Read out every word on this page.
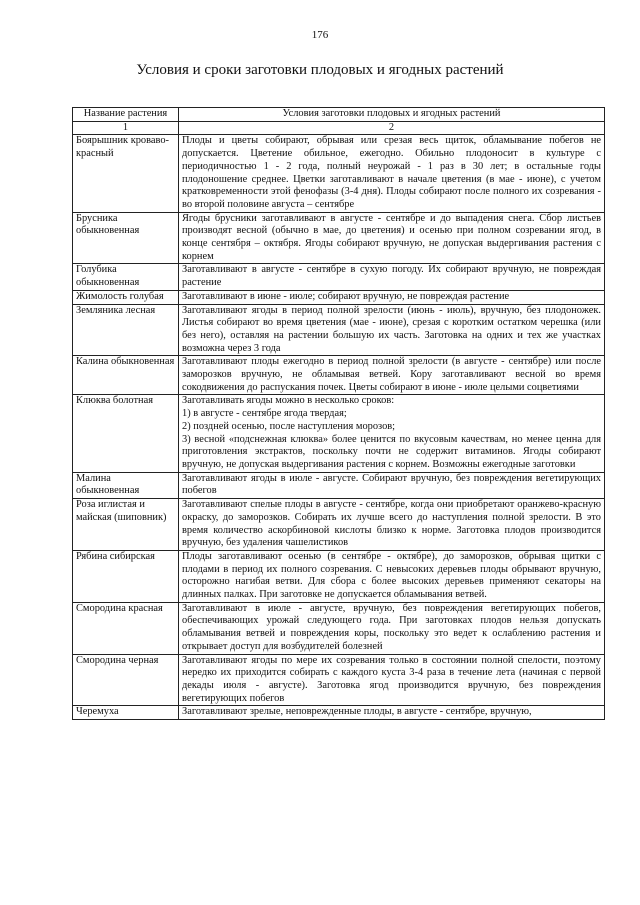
176
Условия и сроки заготовки плодовых и ягодных растений
Название растения	Условия заготовки плодовых и ягодных растений
1	2
Боярышник кроваво-красный	Плоды и цветы собирают, обрывая или срезая весь щиток, обламывание побегов не допускается. Цветение обильное, ежегодно. Обильно плодоносит в культуре с периодичностью 1 - 2 года, полный неурожай - 1 раз в 30 лет; в остальные годы плодоношение среднее. Цветки заготавливают в начале цветения (в мае - июне), с учетом кратковременности этой фенофазы (3-4 дня). Плоды собирают после полного их созревания - во второй половине августа – сентябре

Брусника обыкновенная	Ягоды брусники заготавливают в августе - сентябре и до выпадения снега. Сбор листьев производят весной (обычно в мае, до цветения) и осенью при полном созревании ягод, в конце сентября – октября. Ягоды собирают вручную, не допуская выдергивания растения с корнем

Голубика обыкновенная	Заготавливают в августе - сентябре в сухую погоду. Их собирают вручную, не повреждая растение

Жимолость голубая	Заготавливают в июне - июле; собирают вручную, не повреждая растение

Земляника лесная	Заготавливают ягоды в период полной зрелости (июнь - июль), вручную, без плодоножек. Листья собирают во время цветения (мае - июне), срезая с коротким остатком черешка (или без него), оставляя на растении большую их часть. Заготовка на одних и тех же участках возможна через 3 года

Калина обыкновенная	Заготавливают плоды ежегодно в период полной зрелости (в августе - сентябре) или после заморозков вручную, не обламывая ветвей. Кору заготавливают весной во время сокодвижения до распускания почек. Цветы собирают в июне - июле целыми соцветиями

Клюква болотная	Заготавливать ягоды можно в несколько сроков:

1) в августе - сентябре ягода твердая;

2) поздней осенью, после наступления морозов;

3) весной «подснежная клюква» более ценится по вкусовым качествам, но менее ценна для приготовления экстрактов, поскольку почти не содержит витаминов. Ягоды собирают вручную, не допуская выдергивания растения с корнем. Возможны ежегодные заготовки

Малина обыкновенная	Заготавливают ягоды в июле - августе. Собирают вручную, без повреждения вегетирующих побегов

Роза иглистая и майская (шиповник)	Заготавливают спелые плоды в августе - сентябре, когда они приобретают оранжево-красную окраску, до заморозков. Собирать их лучше всего до наступления полной зрелости. В это время количество аскорбиновой кислоты близко к норме. Заготовка плодов производится вручную, без удаления чашелистиков

Рябина сибирская	Плоды заготавливают осенью (в сентябре - октябре), до заморозков, обрывая щитки с плодами в период их полного созревания. С невысоких деревьев плоды обрывают вручную, осторожно нагибая ветви. Для сбора с более высоких деревьев применяют секаторы на длинных палках. При заготовке не допускается обламывания ветвей.

Смородина красная	Заготавливают в июле - августе, вручную, без повреждения вегетирующих побегов, обеспечивающих урожай следующего года. При заготовках плодов нельзя допускать обламывания ветвей и повреждения коры, поскольку это ведет к ослаблению растения и открывает доступ для возбудителей болезней

Смородина черная	Заготавливают ягоды по мере их созревания только в состоянии полной спелости, поэтому нередко их приходится собирать с каждого куста 3-4 раза в течение лета (начиная с первой декады июля - августе). Заготовка ягод производится вручную, без повреждения вегетирующих побегов

Черемуха	Заготавливают зрелые, неповрежденные плоды, в августе - сентябре, вручную,
